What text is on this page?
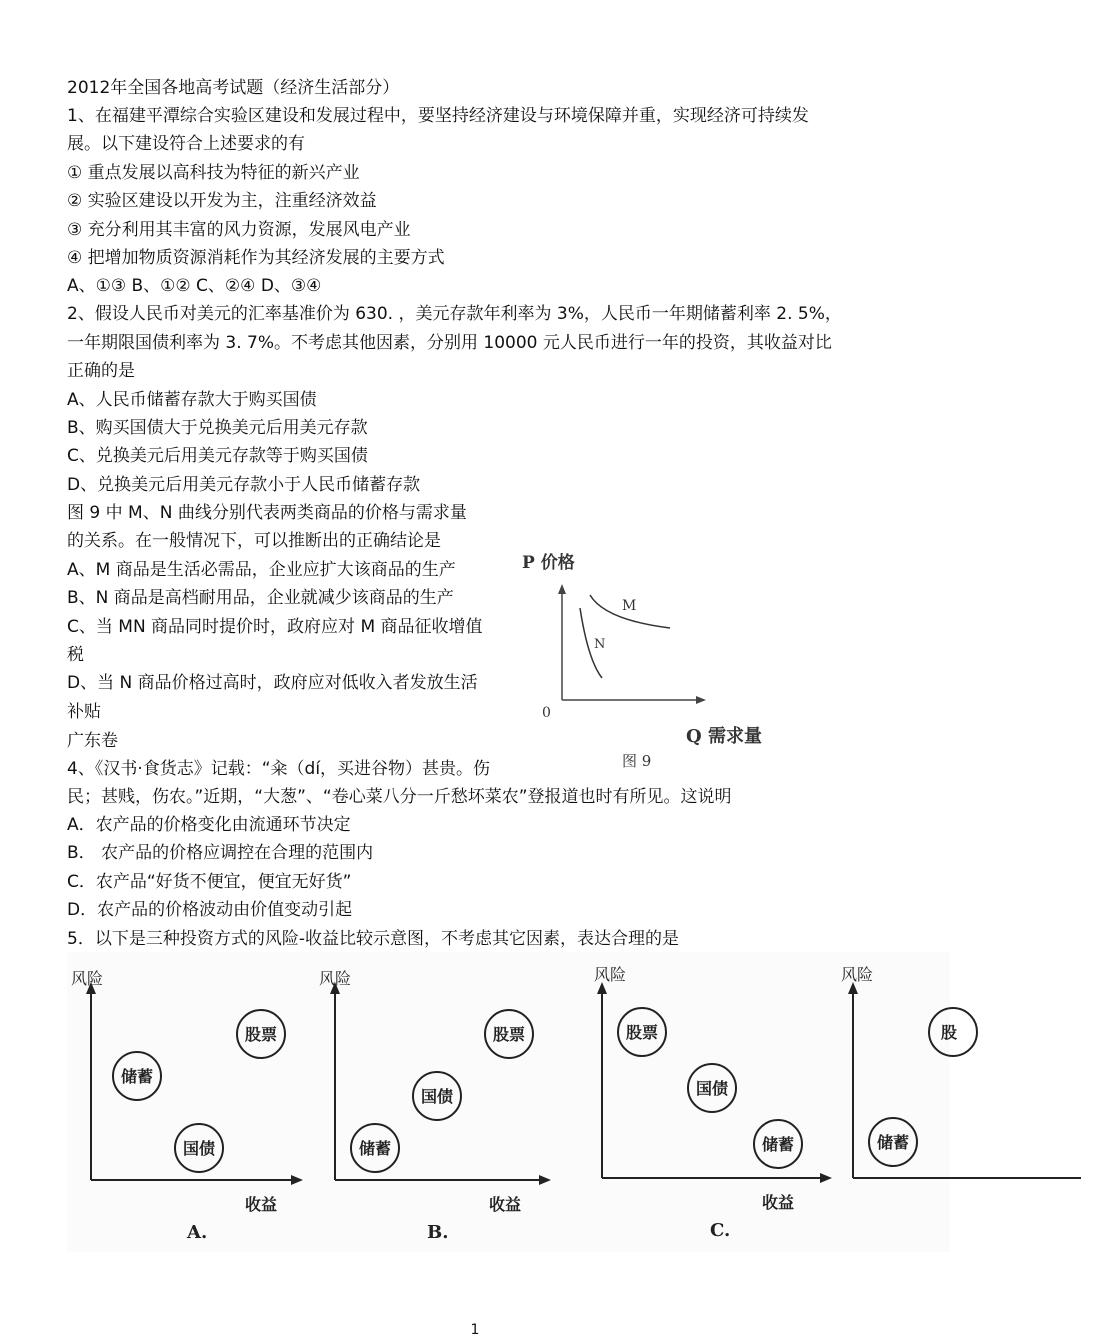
2012年全国各地高考试题（经济生活部分）
1、在福建平潭综合实验区建设和发展过程中，要坚持经济建设与环境保障并重，实现经济可持续发
展。以下建设符合上述要求的有
① 重点发展以高科技为特征的新兴产业
② 实验区建设以开发为主，注重经济效益
③ 充分利用其丰富的风力资源，发展风电产业
④ 把增加物质资源消耗作为其经济发展的主要方式
A、①③ B、①② C、②④ D、③④
2、假设人民币对美元的汇率基准价为 630. ，美元存款年利率为 3%，人民币一年期储蓄利率 2. 5%，
一年期限国债利率为 3. 7%。不考虑其他因素，分别用 10000 元人民币进行一年的投资，其收益对比
正确的是
A、人民币储蓄存款大于购买国债
B、购买国债大于兑换美元后用美元存款
C、兑换美元后用美元存款等于购买国债
D、兑换美元后用美元存款小于人民币储蓄存款
图 9 中 M、N 曲线分别代表两类商品的价格与需求量
的关系。在一般情况下，可以推断出的正确结论是
A、M 商品是生活必需品，企业应扩大该商品的生产
B、N 商品是高档耐用品，企业就减少该商品的生产
C、当 MN 商品同时提价时，政府应对 M 商品征收增值
税
D、当 N 商品价格过高时，政府应对低收入者发放生活
补贴
广东卷
4、《汉书·食货志》记载：“籴（dí，买进谷物）甚贵。伤
民；甚贱，伤农。”近期，“大葱”、“卷心菜八分一斤愁坏菜农”登报道也时有所见。这说明
A．农产品的价格变化由流通环节决定
B． 农产品的价格应调控在合理的范围内
C．农产品“好货不便宜，便宜无好货”
D．农产品的价格波动由价值变动引起
5．以下是三种投资方式的风险-收益比较示意图，不考虑其它因素，表达合理的是
P 价格
M
N
0
Q 需求量
图 9
风险
收益
股票
储蓄
国债
A.
风险
收益
股票
国债
储蓄
B.
风险
收益
股票
国债
储蓄
C.
风险
股
储蓄
1
